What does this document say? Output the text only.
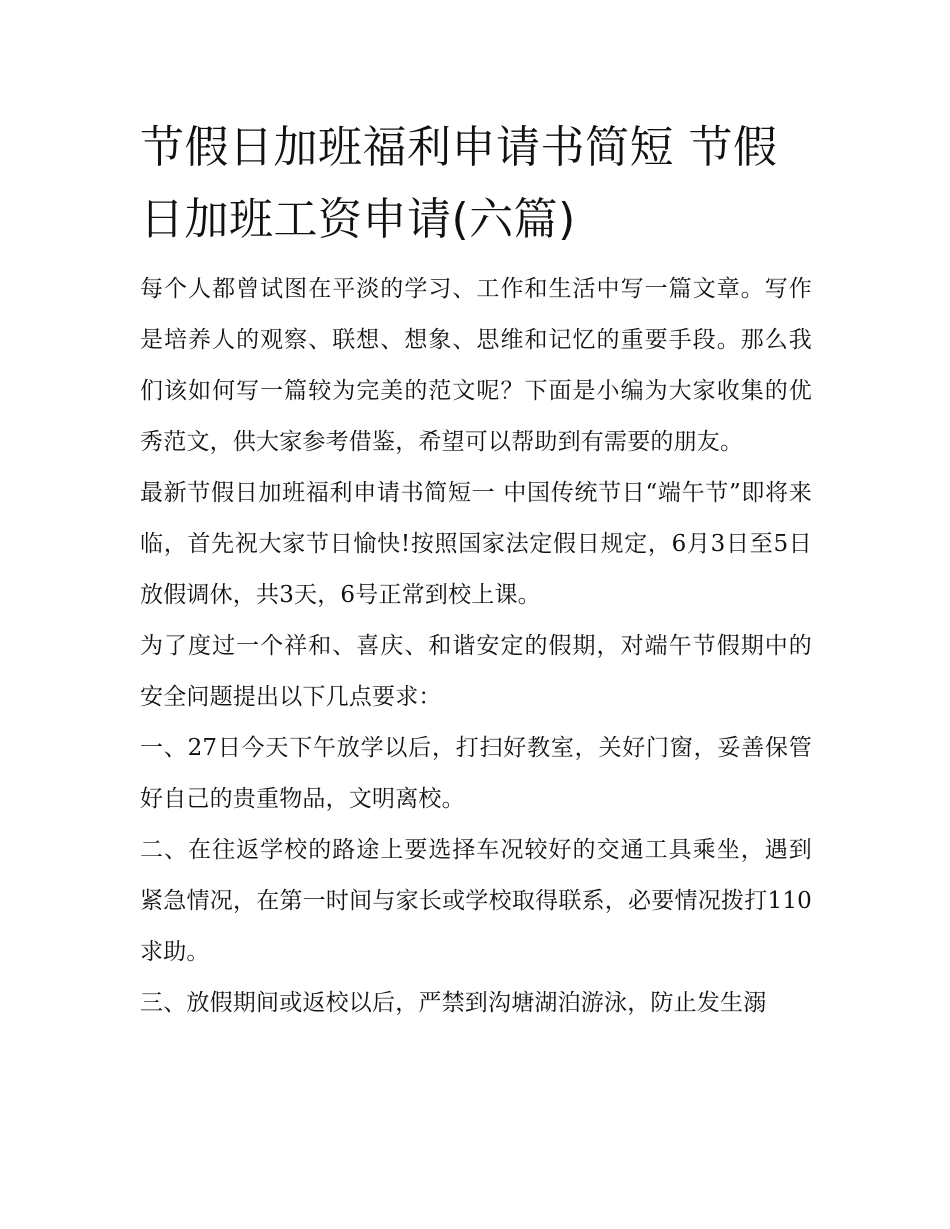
节假日加班福利申请书简短 节假日加班工资申请(六篇)

每个人都曾试图在平淡的学习、工作和生活中写一篇文章。写作是培养人的观察、联想、想象、思维和记忆的重要手段。那么我们该如何写一篇较为完美的范文呢？下面是小编为大家收集的优秀范文，供大家参考借鉴，希望可以帮助到有需要的朋友。

最新节假日加班福利申请书简短一 中国传统节日“端午节”即将来临，首先祝大家节日愉快!按照国家法定假日规定，6月3日至5日放假调休，共3天，6号正常到校上课。

为了度过一个祥和、喜庆、和谐安定的假期，对端午节假期中的安全问题提出以下几点要求：

一、27日今天下午放学以后，打扫好教室，关好门窗，妥善保管好自己的贵重物品，文明离校。

二、在往返学校的路途上要选择车况较好的交通工具乘坐，遇到紧急情况，在第一时间与家长或学校取得联系，必要情况拨打110求助。

三、放假期间或返校以后，严禁到沟塘湖泊游泳，防止发生溺
